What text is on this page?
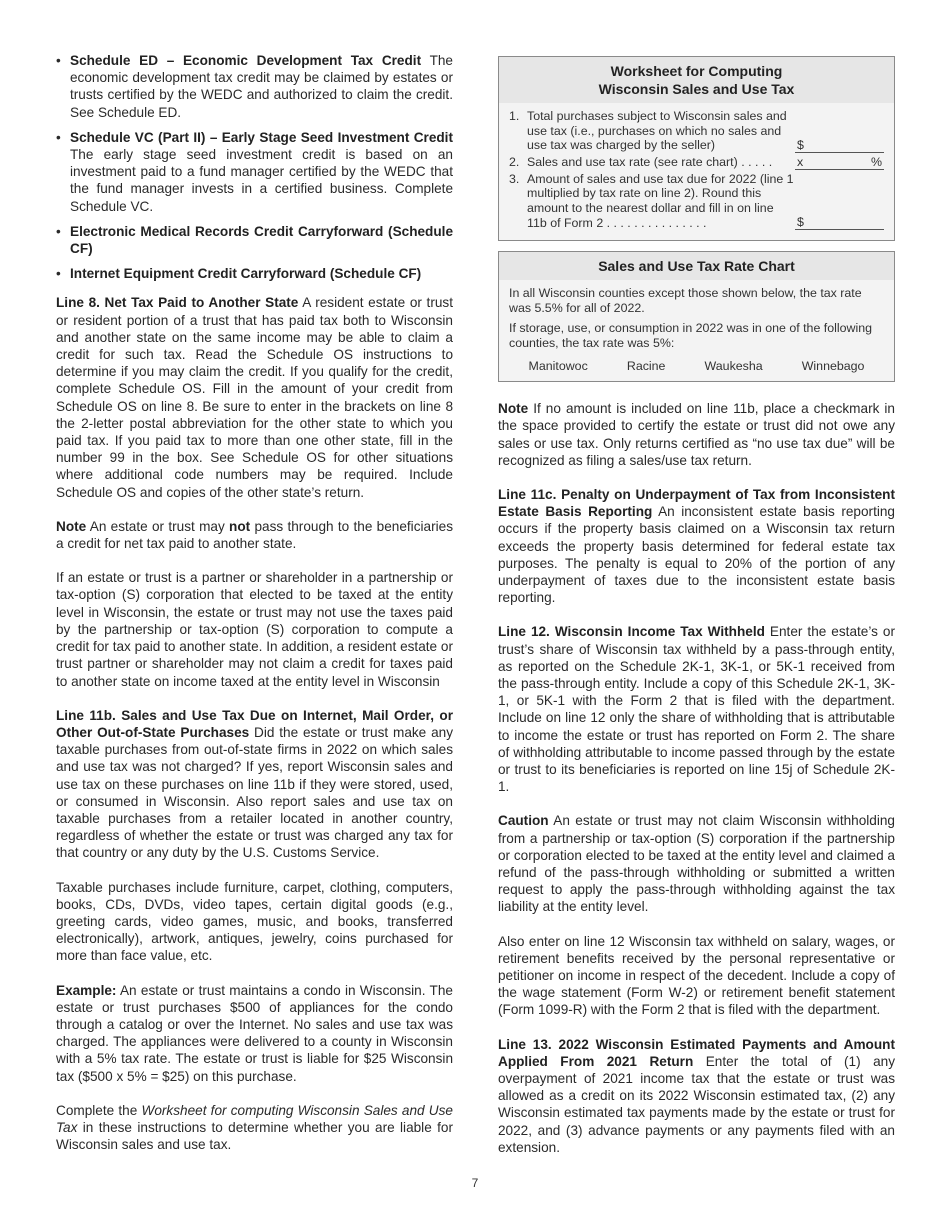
• Schedule ED – Economic Development Tax Credit The economic development tax credit may be claimed by estates or trusts certified by the WEDC and authorized to claim the credit. See Schedule ED.
• Schedule VC (Part II) – Early Stage Seed Investment Credit The early stage seed investment credit is based on an investment paid to a fund manager certified by the WEDC that the fund manager invests in a certified business. Complete Schedule VC.
• Electronic Medical Records Credit Carryforward (Schedule CF)
• Internet Equipment Credit Carryforward (Schedule CF)

Line 8. Net Tax Paid to Another State A resident estate or trust or resident portion of a trust that has paid tax both to Wisconsin and another state on the same income may be able to claim a credit for such tax. Read the Schedule OS instructions to determine if you may claim the credit. If you qualify for the credit, complete Schedule OS. Fill in the amount of your credit from Schedule OS on line 8. Be sure to enter in the brackets on line 8 the 2-letter postal abbreviation for the other state to which you paid tax. If you paid tax to more than one other state, fill in the number 99 in the box. See Schedule OS for other situations where additional code numbers may be required. Include Schedule OS and copies of the other state’s return.

Note An estate or trust may not pass through to the beneficiaries a credit for net tax paid to another state.

If an estate or trust is a partner or shareholder in a partnership or tax-option (S) corporation that elected to be taxed at the entity level in Wisconsin, the estate or trust may not use the taxes paid by the partnership or tax-option (S) corporation to compute a credit for tax paid to another state. In addition, a resident estate or trust partner or shareholder may not claim a credit for taxes paid to another state on income taxed at the entity level in Wisconsin

Line 11b. Sales and Use Tax Due on Internet, Mail Order, or Other Out-of-State Purchases Did the estate or trust make any taxable purchases from out-of-state firms in 2022 on which sales and use tax was not charged? If yes, report Wisconsin sales and use tax on these purchases on line 11b if they were stored, used, or consumed in Wisconsin. Also report sales and use tax on taxable purchases from a retailer located in another country, regardless of whether the estate or trust was charged any tax for that country or any duty by the U.S. Customs Service.

Taxable purchases include furniture, carpet, clothing, computers, books, CDs, DVDs, video tapes, certain digital goods (e.g., greeting cards, video games, music, and books, transferred electronically), artwork, antiques, jewelry, coins purchased for more than face value, etc.

Example: An estate or trust maintains a condo in Wisconsin. The estate or trust purchases $500 of appliances for the condo through a catalog or over the Internet. No sales and use tax was charged. The appliances were delivered to a county in Wisconsin with a 5% tax rate. The estate or trust is liable for $25 Wisconsin tax ($500 x 5% = $25) on this purchase.

Complete the Worksheet for computing Wisconsin Sales and Use Tax in these instructions to determine whether you are liable for Wisconsin sales and use tax.

Worksheet for Computing
Wisconsin Sales and Use Tax
1. Total purchases subject to Wisconsin sales and use tax (i.e., purchases on which no sales and use tax was charged by the seller)	$
2. Sales and use tax rate (see rate chart) . . . . .	x	%
3. Amount of sales and use tax due for 2022 (line 1 multiplied by tax rate on line 2). Round this amount to the nearest dollar and fill in on line 11b of Form 2 . . . . . . . . . . . . . . .	$
Sales and Use Tax Rate Chart

In all Wisconsin counties except those shown below, the tax rate was 5.5% for all of 2022.

If storage, use, or consumption in 2022 was in one of the following counties, the tax rate was 5%:

Manitowoc	Racine	Waukesha	Winnebago

Note If no amount is included on line 11b, place a checkmark in the space provided to certify the estate or trust did not owe any sales or use tax. Only returns certified as “no use tax due” will be recognized as filing a sales/use tax return.

Line 11c. Penalty on Underpayment of Tax from Inconsistent Estate Basis Reporting An inconsistent estate basis reporting occurs if the property basis claimed on a Wisconsin tax return exceeds the property basis determined for federal estate tax purposes. The penalty is equal to 20% of the portion of any underpayment of taxes due to the inconsistent estate basis reporting.

Line 12. Wisconsin Income Tax Withheld Enter the estate’s or trust’s share of Wisconsin tax withheld by a pass-through entity, as reported on the Schedule 2K-1, 3K-1, or 5K-1 received from the pass-through entity. Include a copy of this Schedule 2K-1, 3K-1, or 5K-1 with the Form 2 that is filed with the department. Include on line 12 only the share of withholding that is attributable to income the estate or trust has reported on Form 2. The share of withholding attributable to income passed through by the estate or trust to its beneficiaries is reported on line 15j of Schedule 2K-1.

Caution An estate or trust may not claim Wisconsin withholding from a partnership or tax-option (S) corporation if the partnership or corporation elected to be taxed at the entity level and claimed a refund of the pass-through withholding or submitted a written request to apply the pass-through withholding against the tax liability at the entity level.

Also enter on line 12 Wisconsin tax withheld on salary, wages, or retirement benefits received by the personal representative or petitioner on income in respect of the decedent. Include a copy of the wage statement (Form W-2) or retirement benefit statement (Form 1099-R) with the Form 2 that is filed with the department.

Line 13. 2022 Wisconsin Estimated Payments and Amount Applied From 2021 Return Enter the total of (1) any overpayment of 2021 income tax that the estate or trust was allowed as a credit on its 2022 Wisconsin estimated tax, (2) any Wisconsin estimated tax payments made by the estate or trust for 2022, and (3) advance payments or any payments filed with an extension.

7
